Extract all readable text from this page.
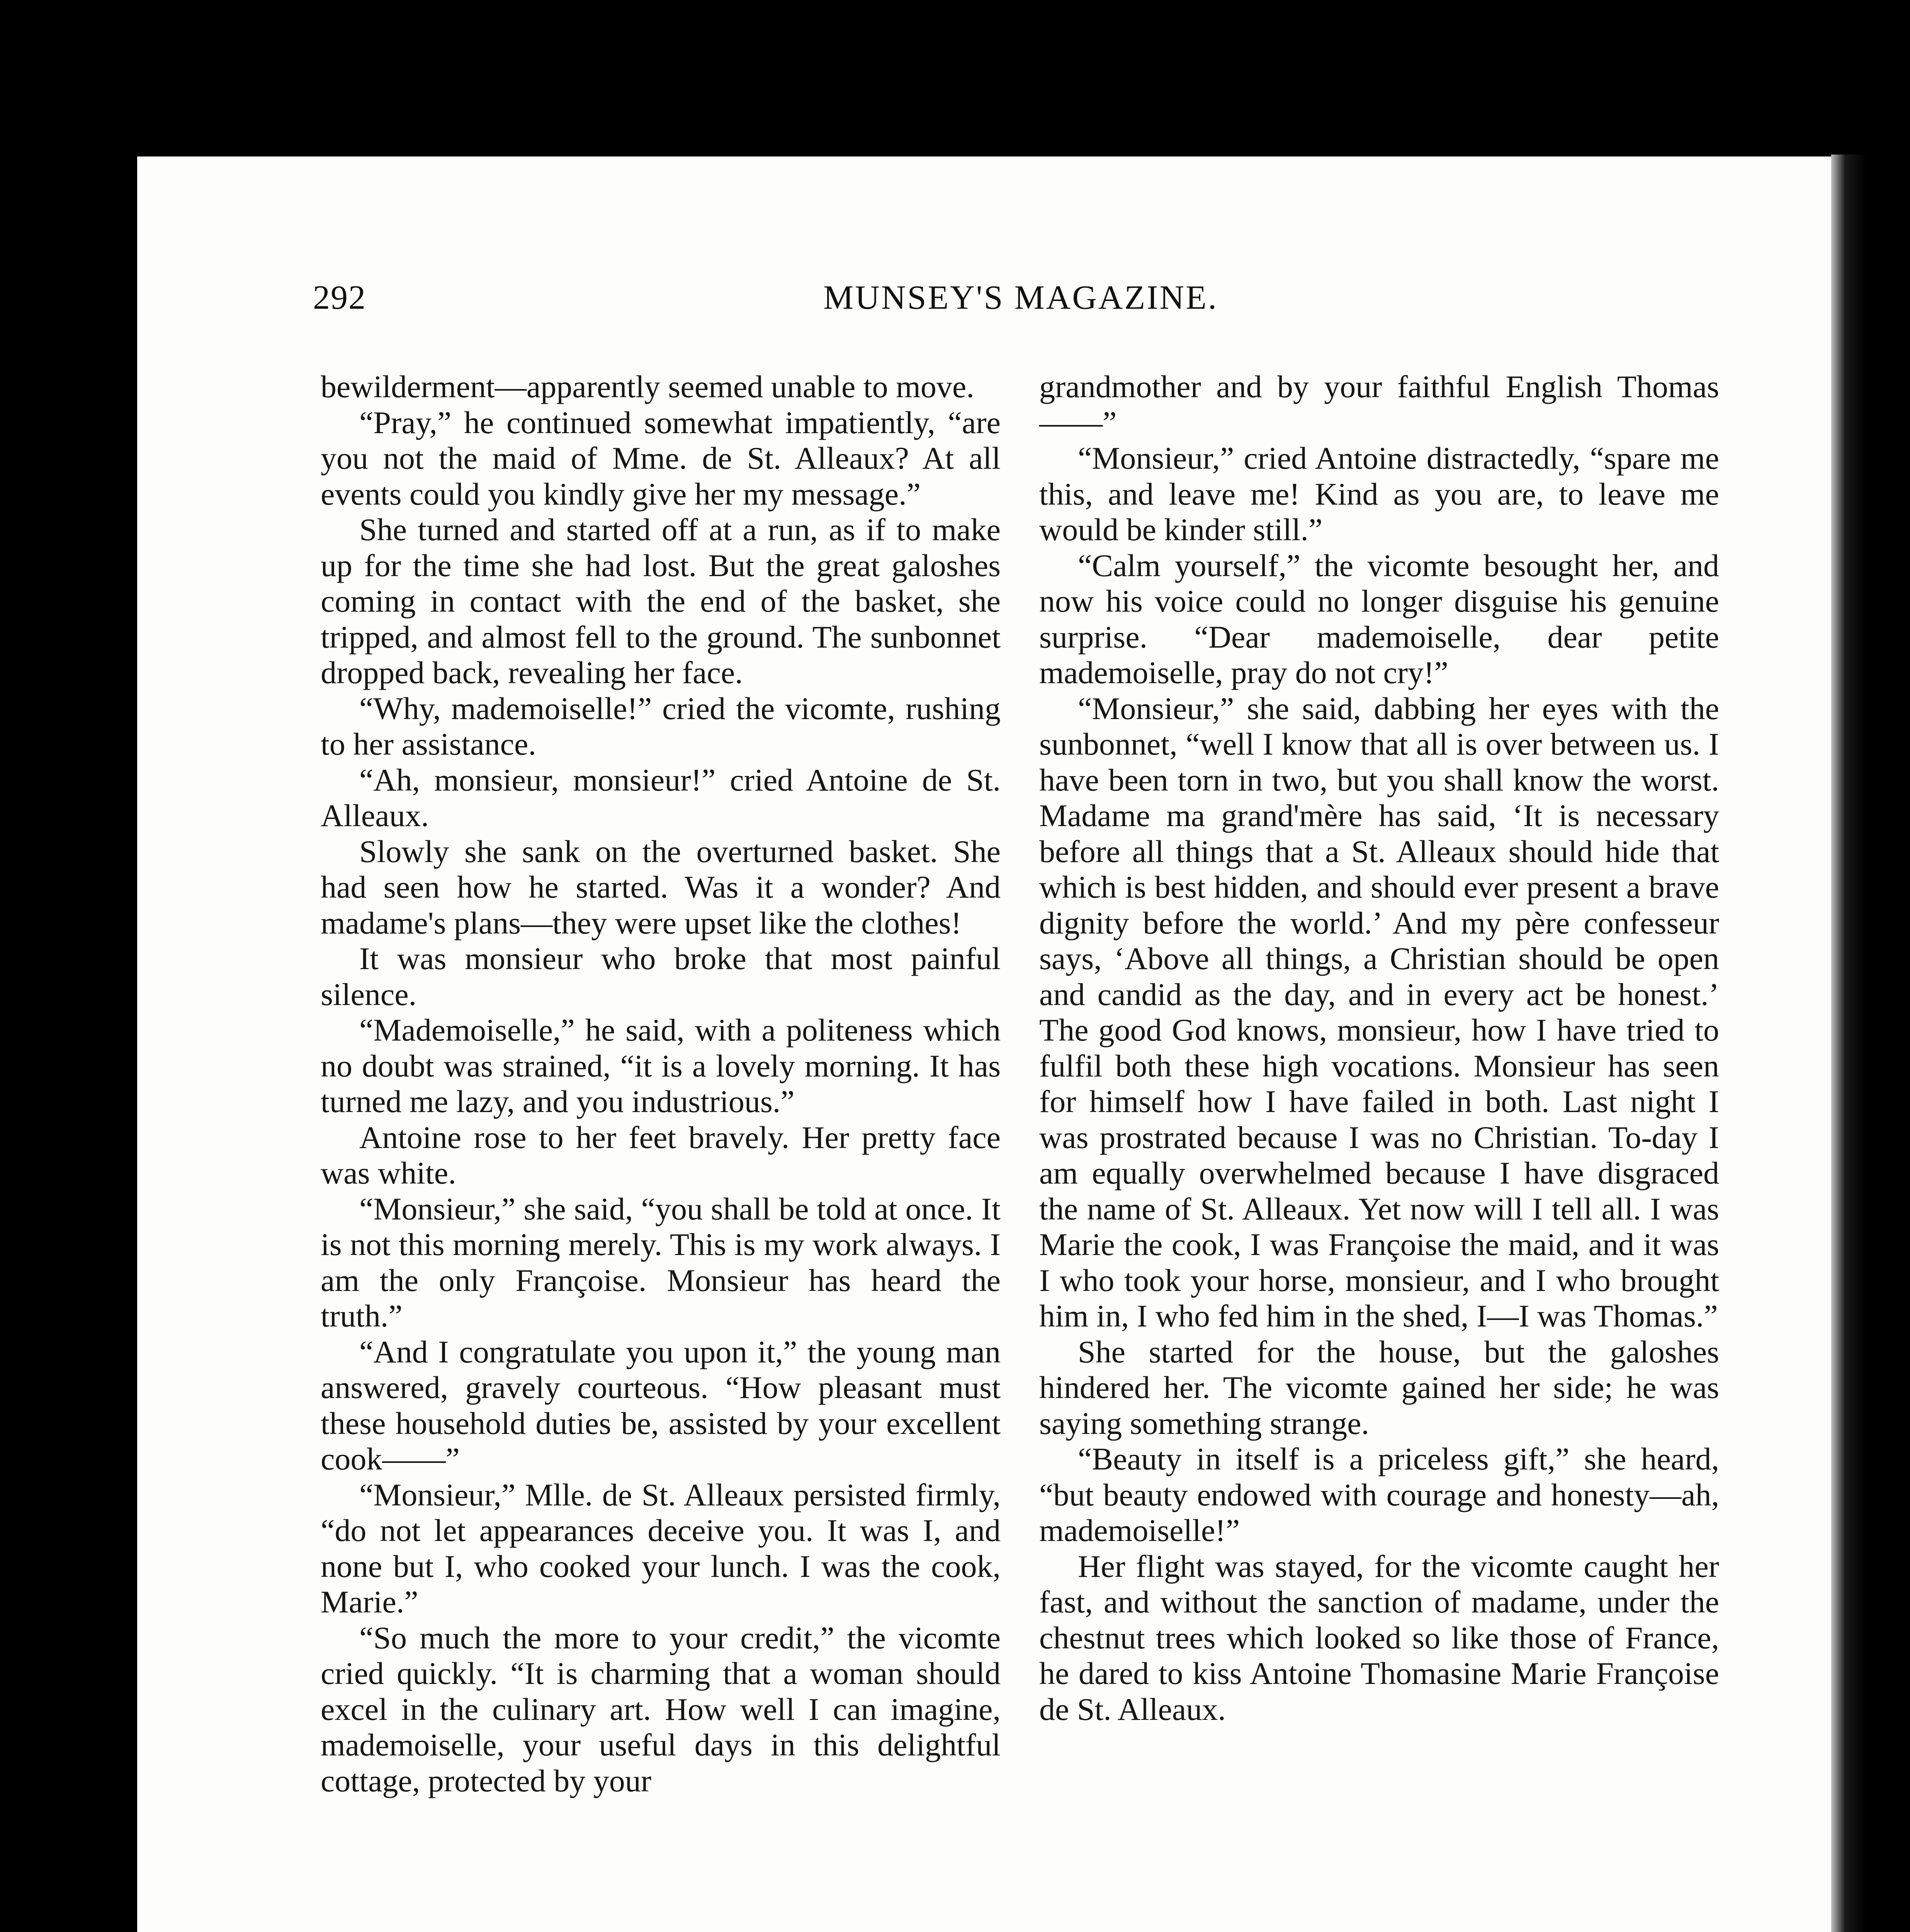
292	MUNSEY'S MAGAZINE.

bewilderment—apparently seemed unable to move.

“Pray,” he continued somewhat impatiently, “are you not the maid of Mme. de St. Alleaux? At all events could you kindly give her my message.”

She turned and started off at a run, as if to make up for the time she had lost. But the great galoshes coming in contact with the end of the basket, she tripped, and almost fell to the ground. The sunbonnet dropped back, revealing her face.

“Why, mademoiselle!” cried the vicomte, rushing to her assistance.

“Ah, monsieur, monsieur!” cried Antoine de St. Alleaux.

Slowly she sank on the overturned basket. She had seen how he started. Was it a wonder? And madame's plans—they were upset like the clothes!

It was monsieur who broke that most painful silence.

“Mademoiselle,” he said, with a politeness which no doubt was strained, “it is a lovely morning. It has turned me lazy, and you industrious.”

Antoine rose to her feet bravely. Her pretty face was white.

“Monsieur,” she said, “you shall be told at once. It is not this morning merely. This is my work always. I am the only Françoise. Monsieur has heard the truth.”

“And I congratulate you upon it,” the young man answered, gravely courteous. “How pleasant must these household duties be, assisted by your excellent cook——”

“Monsieur,” Mlle. de St. Alleaux persisted firmly, “do not let appearances deceive you. It was I, and none but I, who cooked your lunch. I was the cook, Marie.”

“So much the more to your credit,” the vicomte cried quickly. “It is charming that a woman should excel in the culinary art. How well I can imagine, mademoiselle, your useful days in this delightful cottage, protected by your

grandmother and by your faithful English Thomas——”

“Monsieur,” cried Antoine distractedly, “spare me this, and leave me! Kind as you are, to leave me would be kinder still.”

“Calm yourself,” the vicomte besought her, and now his voice could no longer disguise his genuine surprise. “Dear mademoiselle, dear petite mademoiselle, pray do not cry!”

“Monsieur,” she said, dabbing her eyes with the sunbonnet, “well I know that all is over between us. I have been torn in two, but you shall know the worst. Madame ma grand'mère has said, ‘It is necessary before all things that a St. Alleaux should hide that which is best hidden, and should ever present a brave dignity before the world.’ And my père confesseur says, ‘Above all things, a Christian should be open and candid as the day, and in every act be honest.’ The good God knows, monsieur, how I have tried to fulfil both these high vocations. Monsieur has seen for himself how I have failed in both. Last night I was prostrated because I was no Christian. To-day I am equally overwhelmed because I have disgraced the name of St. Alleaux. Yet now will I tell all. I was Marie the cook, I was Françoise the maid, and it was I who took your horse, monsieur, and I who brought him in, I who fed him in the shed, I—I was Thomas.”

She started for the house, but the galoshes hindered her. The vicomte gained her side; he was saying something strange.

“Beauty in itself is a priceless gift,” she heard, “but beauty endowed with courage and honesty—ah, mademoiselle!”

Her flight was stayed, for the vicomte caught her fast, and without the sanction of madame, under the chestnut trees which looked so like those of France, he dared to kiss Antoine Thomasine Marie Françoise de St. Alleaux.
